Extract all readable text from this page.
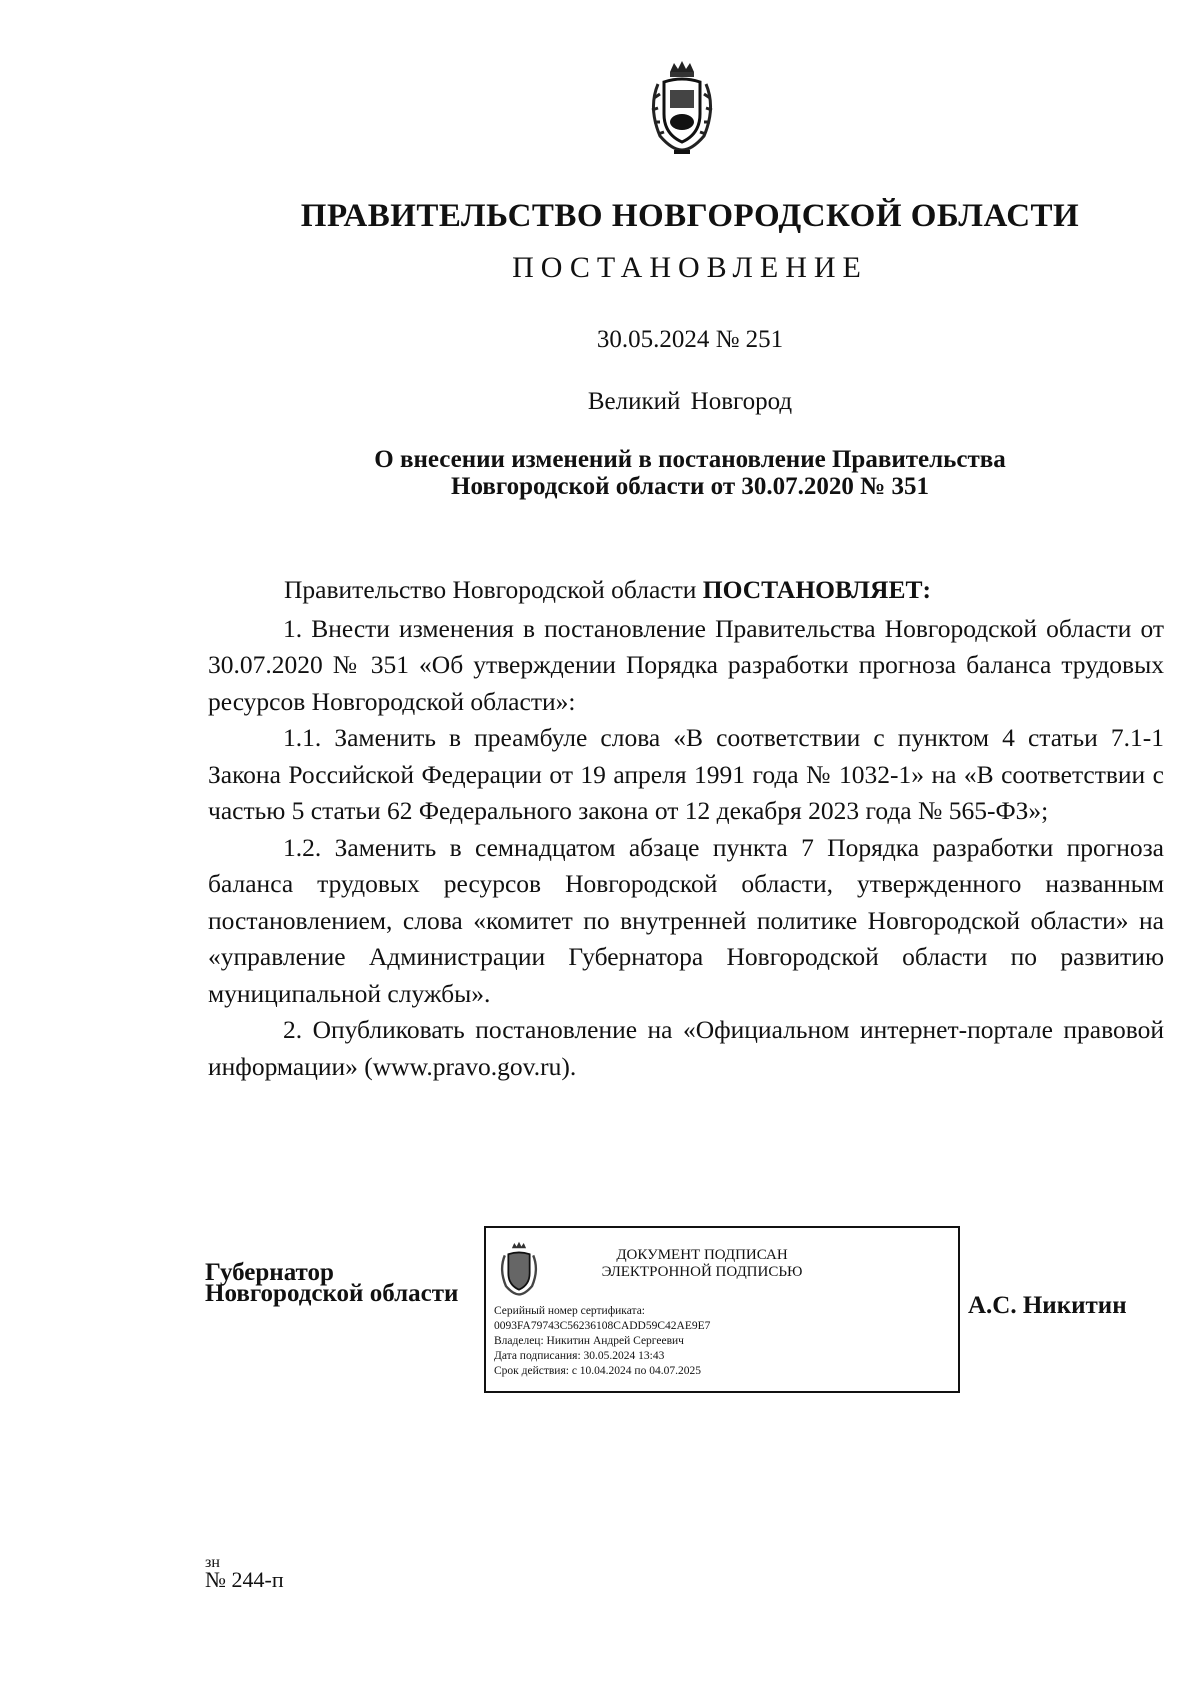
ПРАВИТЕЛЬСТВО НОВГОРОДСКОЙ ОБЛАСТИ
ПОСТАНОВЛЕНИЕ
30.05.2024 № 251
Великий Новгород
О внесении изменений в постановление Правительства
Новгородской области от 30.07.2020 № 351

Правительство Новгородской области ПОСТАНОВЛЯЕТ:

1. Внести изменения в постановление Правительства Новгородской области от 30.07.2020 № 351 «Об утверждении Порядка разработки прогноза баланса трудовых ресурсов Новгородской области»:

1.1. Заменить в преамбуле слова «В соответствии с пунктом 4 статьи 7.1-1 Закона Российской Федерации от 19 апреля 1991 года № 1032-1» на «В соответствии с частью 5 статьи 62 Федерального закона от 12 декабря 2023 года № 565-ФЗ»;

1.2. Заменить в семнадцатом абзаце пункта 7 Порядка разработки прогноза баланса трудовых ресурсов Новгородской области, утвержденного названным постановлением, слова «комитет по внутренней политике Новгородской области» на «управление Администрации Губернатора Новгородской области по развитию муниципальной службы».

2. Опубликовать постановление на «Официальном интернет-портале правовой информации» (www.pravo.gov.ru).

Губернатор
Новгородской области
ДОКУМЕНТ ПОДПИСАН
ЭЛЕКТРОННОЙ ПОДПИСЬЮ
Серийный номер сертификата:
0093FA79743C56236108CADD59C42AE9E7
Владелец: Никитин Андрей Сергеевич
Дата подписания: 30.05.2024 13:43
Срок действия: с 10.04.2024 по 04.07.2025
А.С. Никитин
зн
№ 244-п
